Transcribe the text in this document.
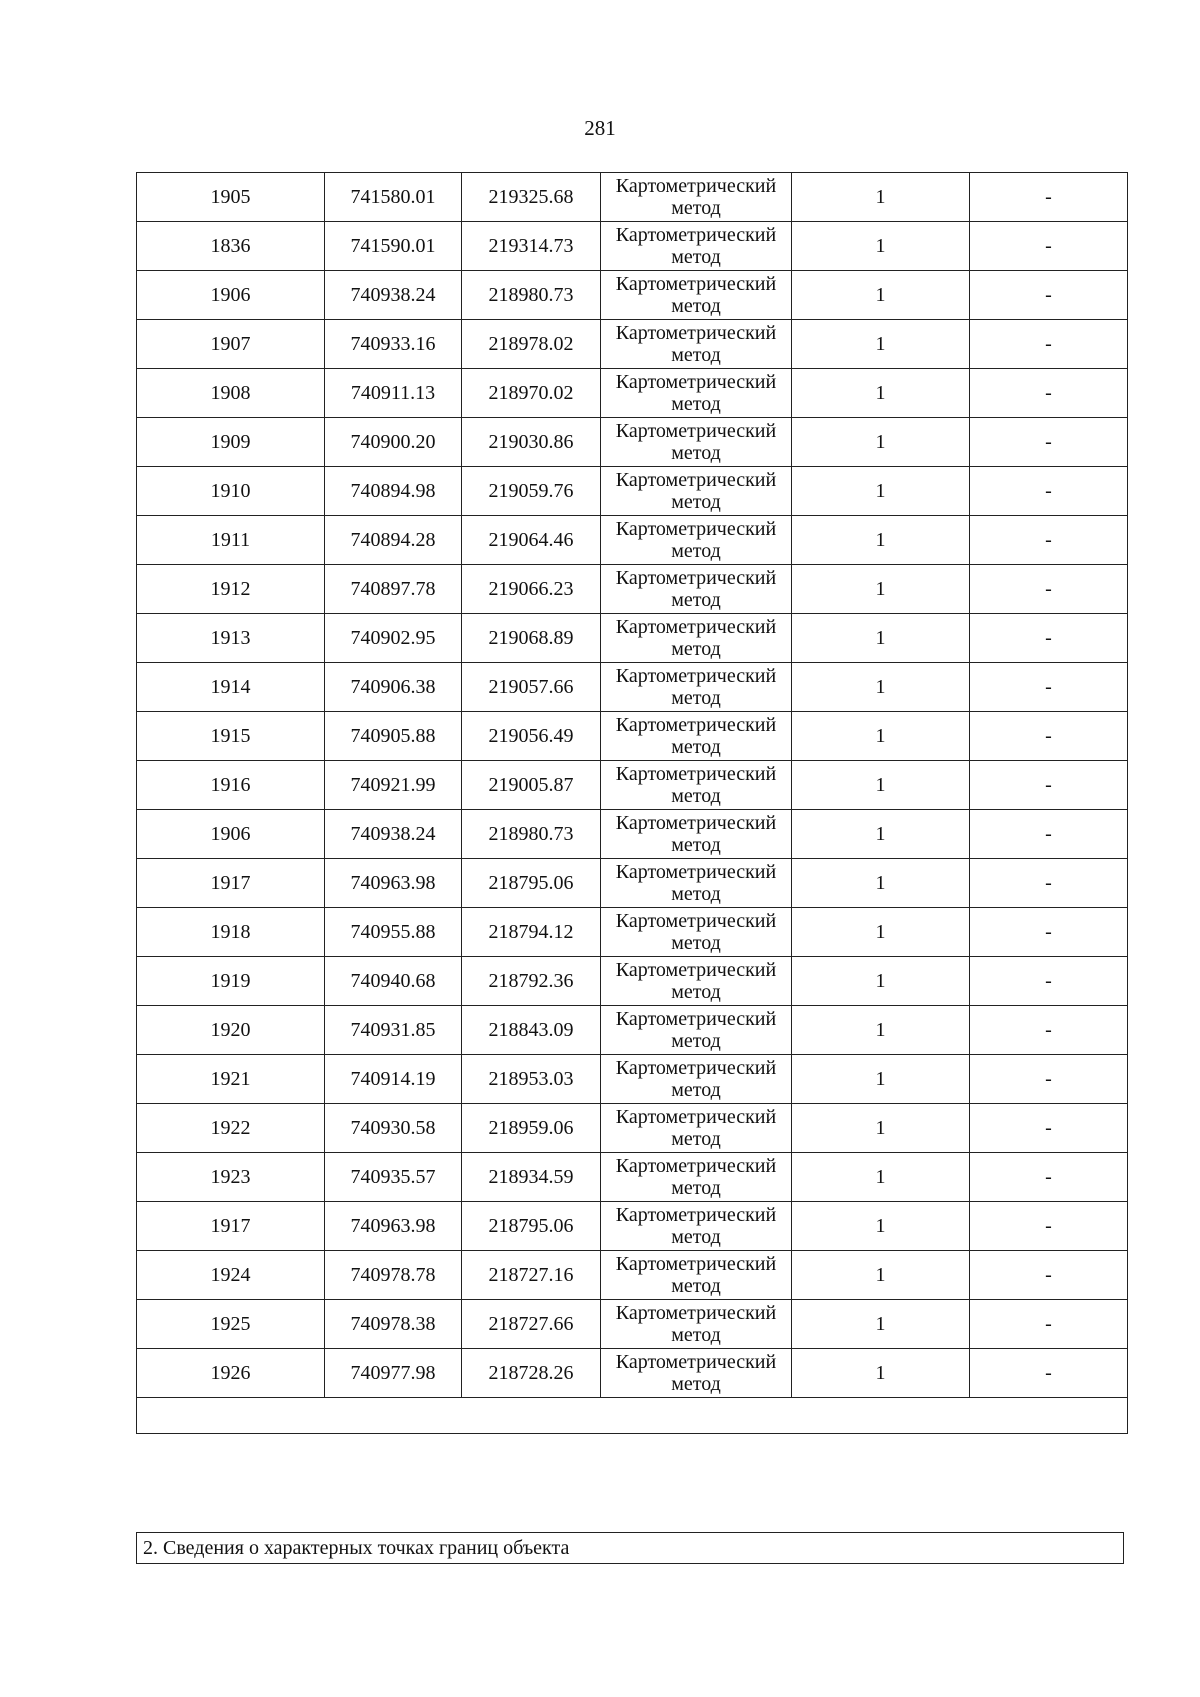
281
1905	741580.01	219325.68	Картометрический
метод	1	-
1836	741590.01	219314.73	Картометрический
метод	1	-
1906	740938.24	218980.73	Картометрический
метод	1	-
1907	740933.16	218978.02	Картометрический
метод	1	-
1908	740911.13	218970.02	Картометрический
метод	1	-
1909	740900.20	219030.86	Картометрический
метод	1	-
1910	740894.98	219059.76	Картометрический
метод	1	-
1911	740894.28	219064.46	Картометрический
метод	1	-
1912	740897.78	219066.23	Картометрический
метод	1	-
1913	740902.95	219068.89	Картометрический
метод	1	-
1914	740906.38	219057.66	Картометрический
метод	1	-
1915	740905.88	219056.49	Картометрический
метод	1	-
1916	740921.99	219005.87	Картометрический
метод	1	-
1906	740938.24	218980.73	Картометрический
метод	1	-
1917	740963.98	218795.06	Картометрический
метод	1	-
1918	740955.88	218794.12	Картометрический
метод	1	-
1919	740940.68	218792.36	Картометрический
метод	1	-
1920	740931.85	218843.09	Картометрический
метод	1	-
1921	740914.19	218953.03	Картометрический
метод	1	-
1922	740930.58	218959.06	Картометрический
метод	1	-
1923	740935.57	218934.59	Картометрический
метод	1	-
1917	740963.98	218795.06	Картометрический
метод	1	-
1924	740978.78	218727.16	Картометрический
метод	1	-
1925	740978.38	218727.66	Картометрический
метод	1	-
1926	740977.98	218728.26	Картометрический
метод	1	-

2. Сведения о характерных точках границ объекта
